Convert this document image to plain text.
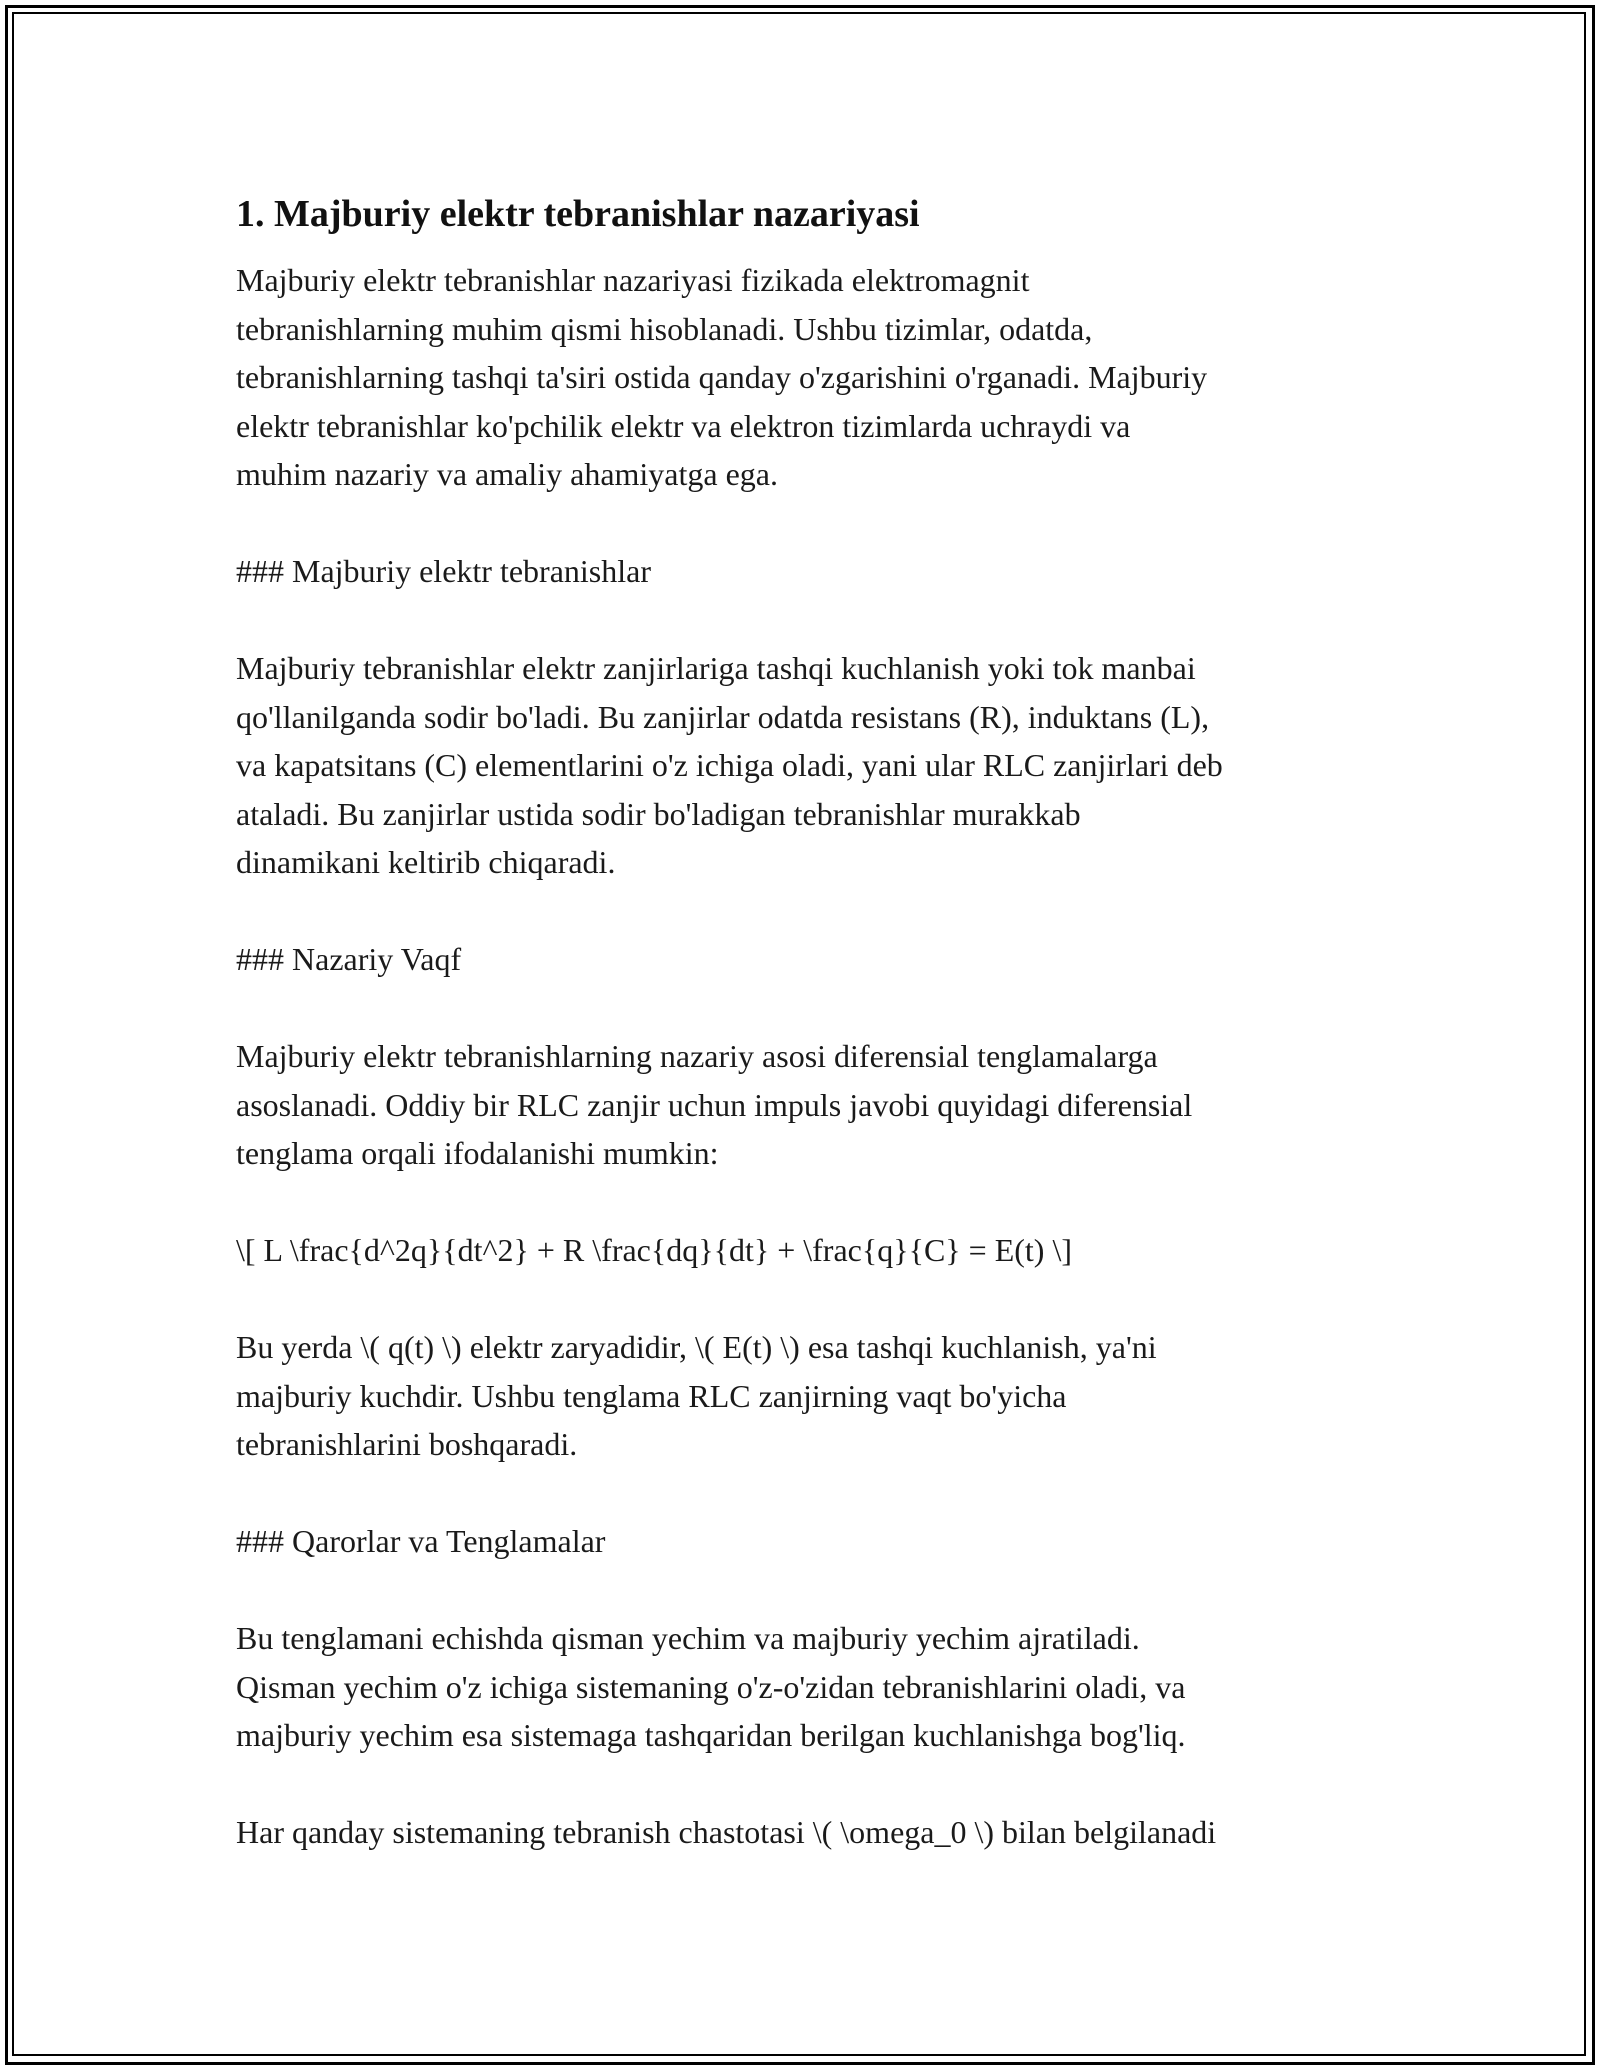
1. Majburiy elektr tebranishlar nazariyasi

Majburiy elektr tebranishlar nazariyasi fizikada elektromagnit
tebranishlarning muhim qismi hisoblanadi. Ushbu tizimlar, odatda,
tebranishlarning tashqi ta'siri ostida qanday o'zgarishini o'rganadi. Majburiy
elektr tebranishlar ko'pchilik elektr va elektron tizimlarda uchraydi va
muhim nazariy va amaliy ahamiyatga ega.

### Majburiy elektr tebranishlar

Majburiy tebranishlar elektr zanjirlariga tashqi kuchlanish yoki tok manbai
qo'llanilganda sodir bo'ladi. Bu zanjirlar odatda resistans (R), induktans (L),
va kapatsitans (C) elementlarini o'z ichiga oladi, yani ular RLC zanjirlari deb
ataladi. Bu zanjirlar ustida sodir bo'ladigan tebranishlar murakkab
dinamikani keltirib chiqaradi.

### Nazariy Vaqf

Majburiy elektr tebranishlarning nazariy asosi diferensial tenglamalarga
asoslanadi. Oddiy bir RLC zanjir uchun impuls javobi quyidagi diferensial
tenglama orqali ifodalanishi mumkin:

\[ L \frac{d^2q}{dt^2} + R \frac{dq}{dt} + \frac{q}{C} = E(t) \]

Bu yerda \( q(t) \) elektr zaryadidir, \( E(t) \) esa tashqi kuchlanish, ya'ni
majburiy kuchdir. Ushbu tenglama RLC zanjirning vaqt bo'yicha
tebranishlarini boshqaradi.

### Qarorlar va Tenglamalar

Bu tenglamani echishda qisman yechim va majburiy yechim ajratiladi.
Qisman yechim o'z ichiga sistemaning o'z-o'zidan tebranishlarini oladi, va
majburiy yechim esa sistemaga tashqaridan berilgan kuchlanishga bog'liq.

Har qanday sistemaning tebranish chastotasi \( \omega_0 \) bilan belgilanadi
